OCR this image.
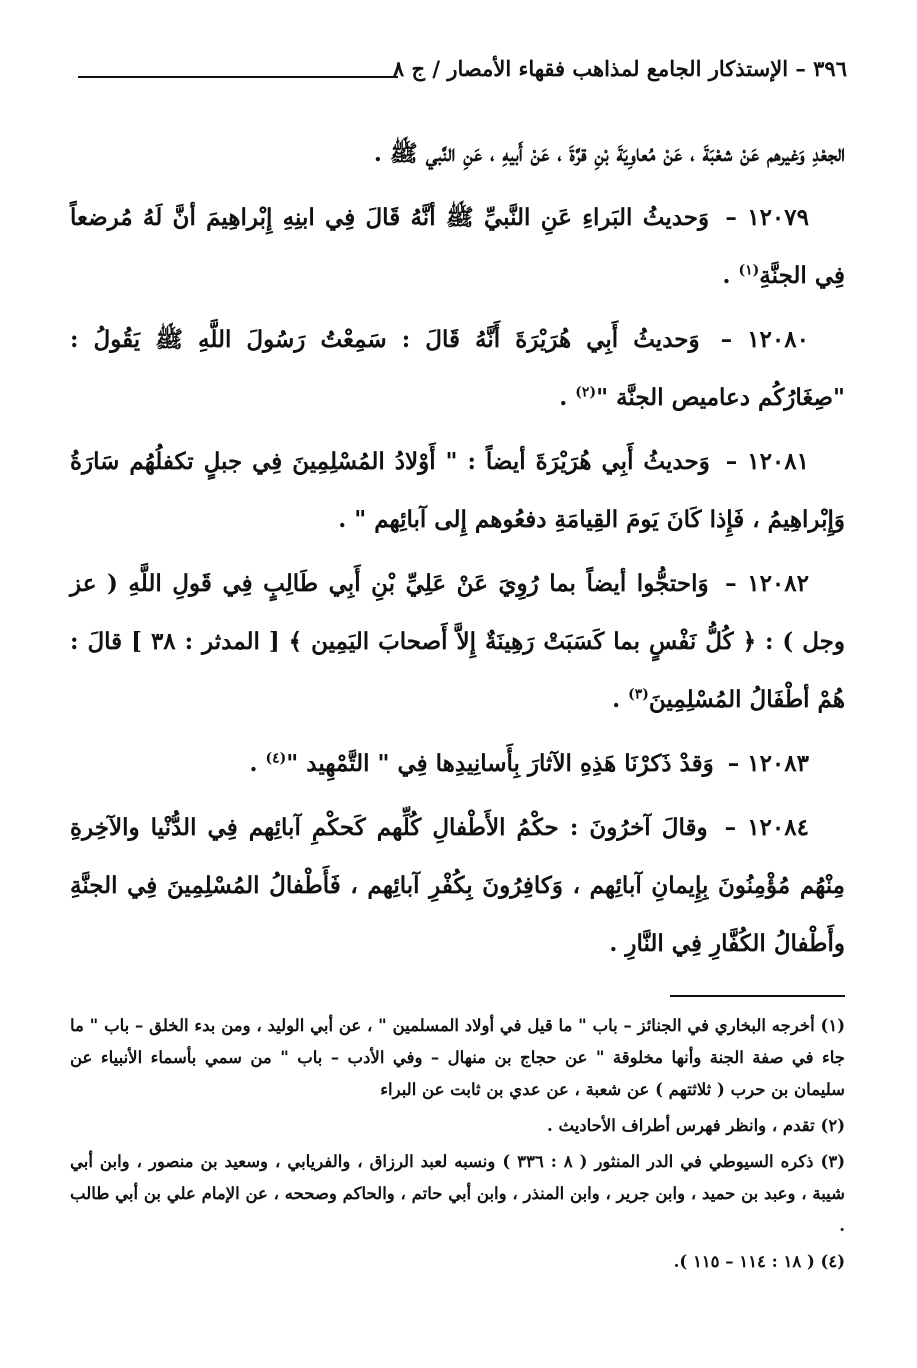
٣٩٦ – الإستذكار الجامع لمذاهب فقهاء الأمصار / ج ٨

الجعْدِ وَغيرهم عَنْ شعْبَةَ ، عَنْ مُعاوِيَةَ بْنِ قرَّةَ ، عَنْ أَبيهِ ، عَنِ النَّبي ﷺ .

١٢٠٧٩ – وَحديثُ البَراءِ عَنِ النَّبيِّ ﷺ أنَّهُ قَالَ فِي ابنِهِ إِبْراهِيمَ أنَّ لَهُ مُرضعاً فِي الجنَّةِ$^{(١)}$ .

١٢٠٨٠ – وَحديثُ أَبِي هُرَيْرَةَ أَنَّهُ قَالَ : سَمِعْتُ رَسُولَ اللَّهِ ﷺ يَقُولُ : "صِغَارُكُم دعاميص الجنَّة "$^{(٢)}$ .

١٢٠٨١ – وَحديثُ أَبِي هُرَيْرَةَ أيضاً : " أَوْلادُ المُسْلِمِينَ فِي جبلٍ تكفلُهُم سَارَةُ وَإِبْراهِيمُ ، فَإِذا كَانَ يَومَ القِيامَةِ دفعُوهم إِلى آبائِهم " .

١٢٠٨٢ – وَاحتجُّوا أيضاً بما رُوِيَ عَنْ عَلِيِّ بْنِ أَبِي طَالِبٍ فِي قَولِ اللَّهِ ( عز وجل ) : ﴿ كُلُّ نَفْسٍ بما كَسَبَتْ رَهِينَةٌ إِلاَّ أَصحابَ اليَمِين ﴾ [ المدثر : ٣٨ ] قالَ : هُمْ أطْفَالُ المُسْلِمِينَ$^{(٣)}$ .

١٢٠٨٣ – وَقدْ ذَكرْنَا هَذِهِ الآثارَ بِأَسانِيدِها فِي " التَّمْهِيد "$^{(٤)}$ .

١٢٠٨٤ – وقالَ آخرُونَ : حكْمُ الأَطْفالِ كُلِّهم كَحكْمِ آبائِهم فِي الدُّنْيا والآخِرةِ مِنْهُم مُؤْمِنُونَ بِإِيمانِ آبائِهم ، وَكافِرُونَ بِكُفْرِ آبائِهم ، فَأَطْفالُ المُسْلِمِينَ فِي الجنَّةِ وأَطْفالُ الكُفَّارِ فِي النَّارِ .

(١) أخرجه البخاري في الجنائز – باب " ما قيل في أولاد المسلمين " ، عن أبي الوليد ، ومن بدء الخلق – باب " ما جاء في صفة الجنة وأنها مخلوقة " عن حجاج بن منهال – وفي الأدب – باب " من سمي بأسماء الأنبياء عن سليمان بن حرب ( ثلاثتهم ) عن شعبة ، عن عدي بن ثابت عن البراء

(٢) تقدم ، وانظر فهرس أطراف الأحاديث .

(٣) ذكره السيوطي في الدر المنثور ( ٨ : ٣٣٦ ) ونسبه لعبد الرزاق ، والفريابي ، وسعيد بن منصور ، وابن أبي شيبة ، وعبد بن حميد ، وابن جرير ، وابن المنذر ، وابن أبي حاتم ، والحاكم وصححه ، عن الإمام علي بن أبي طالب .

(٤) ( ١٨ : ١١٤ – ١١٥ ).
